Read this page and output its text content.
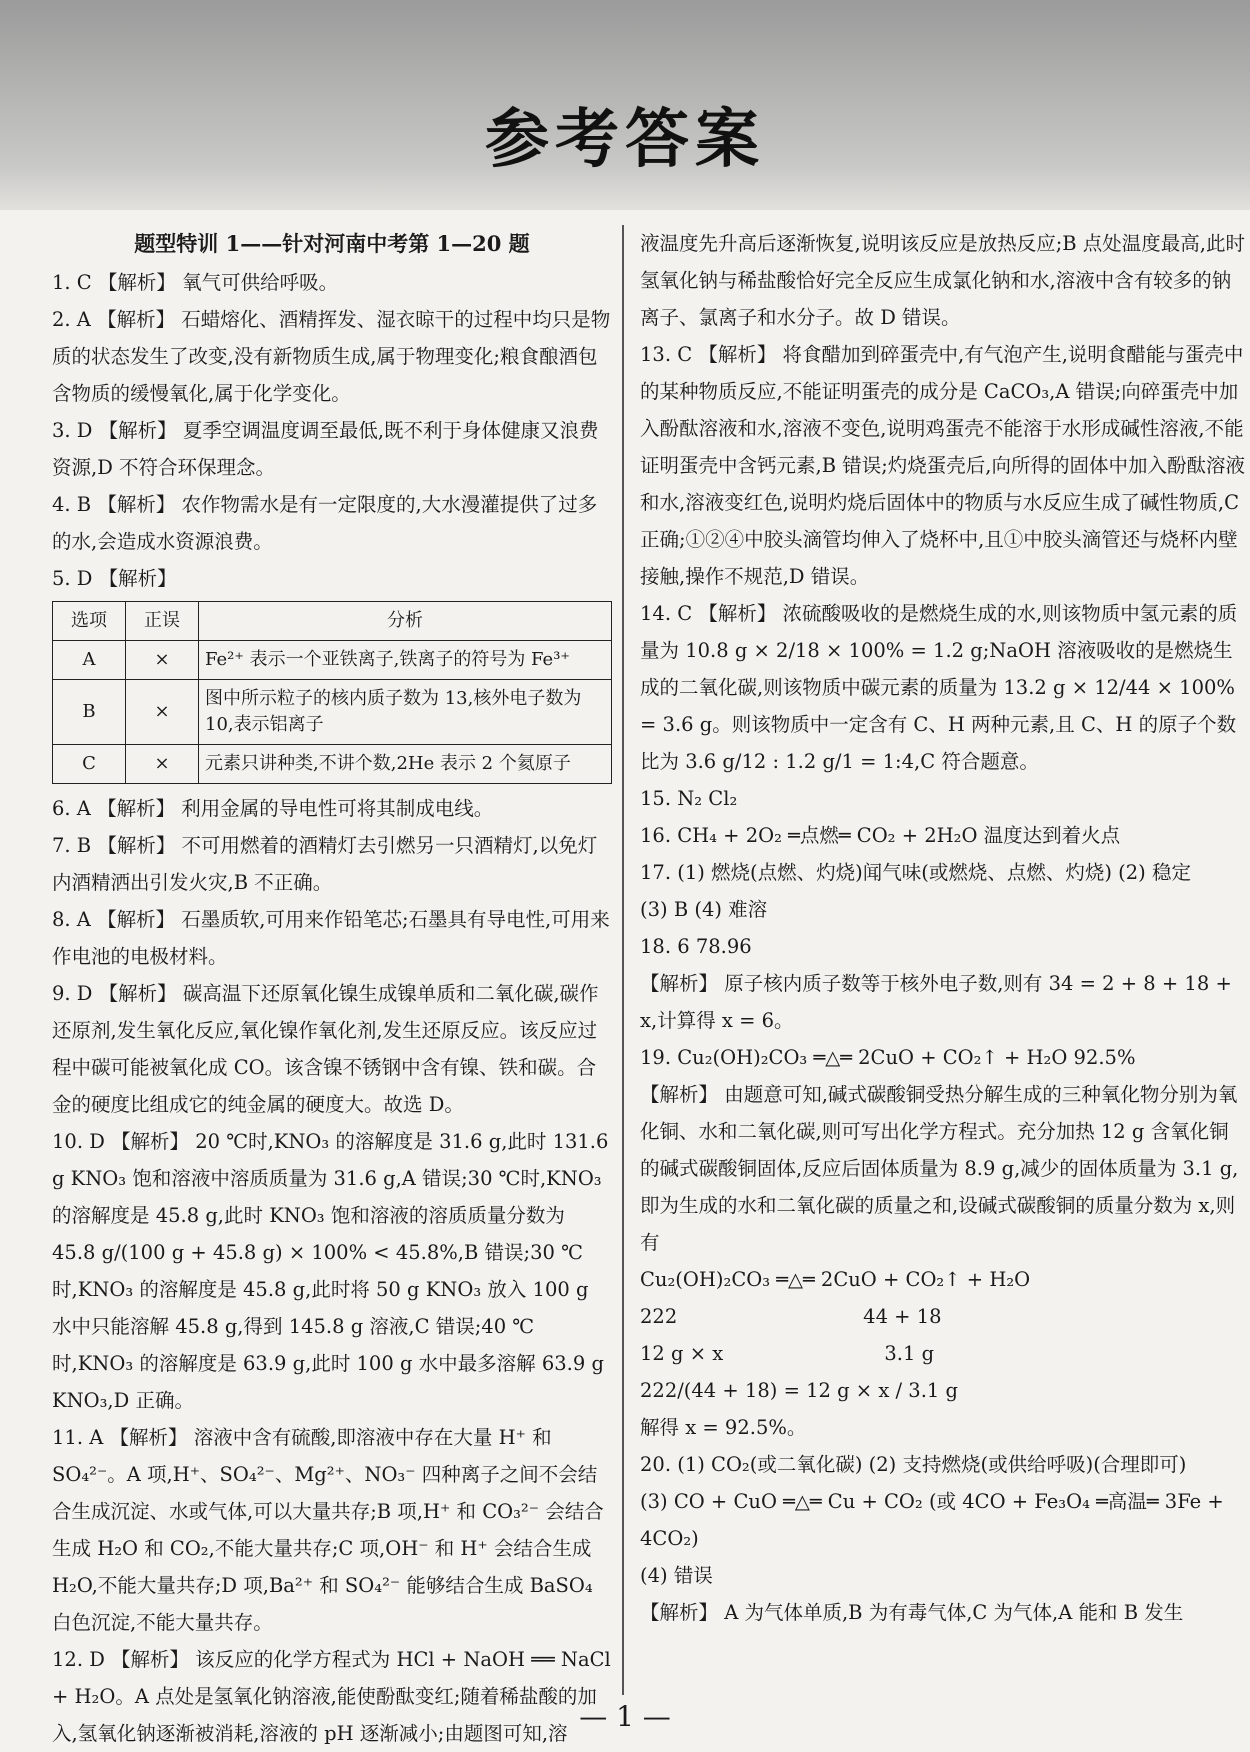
参考答案
题型特训 1——针对河南中考第 1—20 题

1. C 【解析】 氧气可供给呼吸。

2. A 【解析】 石蜡熔化、酒精挥发、湿衣晾干的过程中均只是物质的状态发生了改变,没有新物质生成,属于物理变化;粮食酿酒包含物质的缓慢氧化,属于化学变化。

3. D 【解析】 夏季空调温度调至最低,既不利于身体健康又浪费资源,D 不符合环保理念。

4. B 【解析】 农作物需水是有一定限度的,大水漫灌提供了过多的水,会造成水资源浪费。

5. D 【解析】

选项	正误	分析
A	×	Fe²⁺ 表示一个亚铁离子,铁离子的符号为 Fe³⁺
B	×	图中所示粒子的核内质子数为 13,核外电子数为 10,表示铝离子
C	×	元素只讲种类,不讲个数,2He 表示 2 个氦原子

6. A 【解析】 利用金属的导电性可将其制成电线。

7. B 【解析】 不可用燃着的酒精灯去引燃另一只酒精灯,以免灯内酒精洒出引发火灾,B 不正确。

8. A 【解析】 石墨质软,可用来作铅笔芯;石墨具有导电性,可用来作电池的电极材料。

9. D 【解析】 碳高温下还原氧化镍生成镍单质和二氧化碳,碳作还原剂,发生氧化反应,氧化镍作氧化剂,发生还原反应。该反应过程中碳可能被氧化成 CO。该含镍不锈钢中含有镍、铁和碳。合金的硬度比组成它的纯金属的硬度大。故选 D。

10. D 【解析】 20 ℃时,KNO₃ 的溶解度是 31.6 g,此时 131.6 g KNO₃ 饱和溶液中溶质质量为 31.6 g,A 错误;30 ℃时,KNO₃ 的溶解度是 45.8 g,此时 KNO₃ 饱和溶液的溶质质量分数为 45.8 g/(100 g + 45.8 g) × 100% < 45.8%,B 错误;30 ℃时,KNO₃ 的溶解度是 45.8 g,此时将 50 g KNO₃ 放入 100 g 水中只能溶解 45.8 g,得到 145.8 g 溶液,C 错误;40 ℃时,KNO₃ 的溶解度是 63.9 g,此时 100 g 水中最多溶解 63.9 g KNO₃,D 正确。

11. A 【解析】 溶液中含有硫酸,即溶液中存在大量 H⁺ 和 SO₄²⁻。A 项,H⁺、SO₄²⁻、Mg²⁺、NO₃⁻ 四种离子之间不会结合生成沉淀、水或气体,可以大量共存;B 项,H⁺ 和 CO₃²⁻ 会结合生成 H₂O 和 CO₂,不能大量共存;C 项,OH⁻ 和 H⁺ 会结合生成 H₂O,不能大量共存;D 项,Ba²⁺ 和 SO₄²⁻ 能够结合生成 BaSO₄ 白色沉淀,不能大量共存。

12. D 【解析】 该反应的化学方程式为 HCl + NaOH ══ NaCl + H₂O。A 点处是氢氧化钠溶液,能使酚酞变红;随着稀盐酸的加入,氢氧化钠逐渐被消耗,溶液的 pH 逐渐减小;由题图可知,溶

液温度先升高后逐渐恢复,说明该反应是放热反应;B 点处温度最高,此时氢氧化钠与稀盐酸恰好完全反应生成氯化钠和水,溶液中含有较多的钠离子、氯离子和水分子。故 D 错误。

13. C 【解析】 将食醋加到碎蛋壳中,有气泡产生,说明食醋能与蛋壳中的某种物质反应,不能证明蛋壳的成分是 CaCO₃,A 错误;向碎蛋壳中加入酚酞溶液和水,溶液不变色,说明鸡蛋壳不能溶于水形成碱性溶液,不能证明蛋壳中含钙元素,B 错误;灼烧蛋壳后,向所得的固体中加入酚酞溶液和水,溶液变红色,说明灼烧后固体中的物质与水反应生成了碱性物质,C 正确;①②④中胶头滴管均伸入了烧杯中,且①中胶头滴管还与烧杯内壁接触,操作不规范,D 错误。

14. C 【解析】 浓硫酸吸收的是燃烧生成的水,则该物质中氢元素的质量为 10.8 g × 2/18 × 100% = 1.2 g;NaOH 溶液吸收的是燃烧生成的二氧化碳,则该物质中碳元素的质量为 13.2 g × 12/44 × 100% = 3.6 g。则该物质中一定含有 C、H 两种元素,且 C、H 的原子个数比为 3.6 g/12 : 1.2 g/1 = 1:4,C 符合题意。

15. N₂ Cl₂

16. CH₄ + 2O₂ ═点燃═ CO₂ + 2H₂O 温度达到着火点

17. (1) 燃烧(点燃、灼烧)闻气味(或燃烧、点燃、灼烧) (2) 稳定

(3) B (4) 难溶

18. 6 78.96

【解析】 原子核内质子数等于核外电子数,则有 34 = 2 + 8 + 18 + x,计算得 x = 6。

19. Cu₂(OH)₂CO₃ ═△═ 2CuO + CO₂↑ + H₂O 92.5%

【解析】 由题意可知,碱式碳酸铜受热分解生成的三种氧化物分别为氧化铜、水和二氧化碳,则可写出化学方程式。充分加热 12 g 含氧化铜的碱式碳酸铜固体,反应后固体质量为 8.9 g,减少的固体质量为 3.1 g,即为生成的水和二氧化碳的质量之和,设碱式碳酸铜的质量分数为 x,则有

Cu₂(OH)₂CO₃ ═△═ 2CuO + CO₂↑ + H₂O

222                              44 + 18

12 g × x                          3.1 g

222/(44 + 18) = 12 g × x / 3.1 g

解得 x = 92.5%。

20. (1) CO₂(或二氧化碳) (2) 支持燃烧(或供给呼吸)(合理即可)

(3) CO + CuO ═△═ Cu + CO₂ (或 4CO + Fe₃O₄ ═高温═ 3Fe + 4CO₂)

(4) 错误

【解析】 A 为气体单质,B 为有毒气体,C 为气体,A 能和 B 发生

— 1 —
